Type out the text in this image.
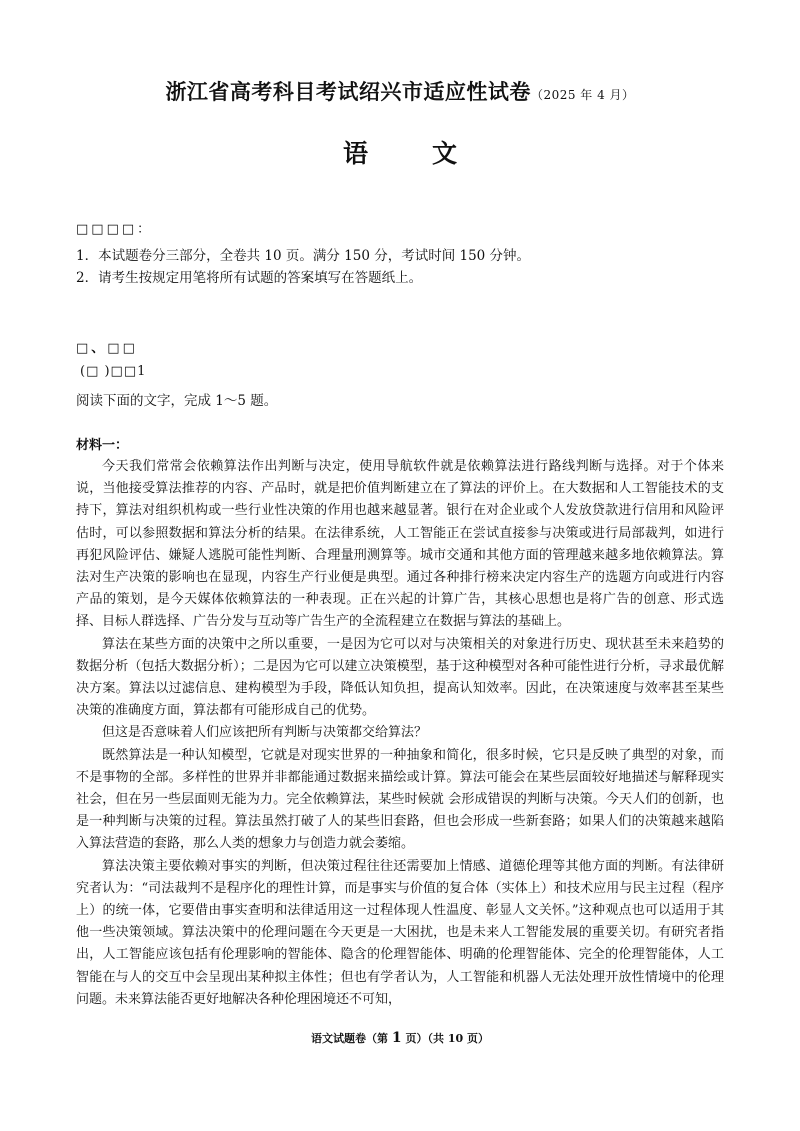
浙江省高考科目考试绍兴市适应性试卷（2025 年 4 月）
语	文
□□□□：
1．本试题卷分三部分，全卷共 10 页。满分 150 分，考试时间 150 分钟。
2．请考生按规定用笔将所有试题的答案填写在答题纸上。
□、□□
(□ )□□1
阅读下面的文字，完成 1～5 题。
材料一：

今天我们常常会依赖算法作出判断与决定，使用导航软件就是依赖算法进行路线判断与选择。对于个体来说，当他接受算法推荐的内容、产品时，就是把价值判断建立在了算法的评价上。在大数据和人工智能技术的支持下，算法对组织机构或一些行业性决策的作用也越来越显著。银行在对企业或个人发放贷款进行信用和风险评估时，可以参照数据和算法分析的结果。在法律系统，人工智能正在尝试直接参与决策或进行局部裁判，如进行再犯风险评估、嫌疑人逃脱可能性判断、合理量刑测算等。城市交通和其他方面的管理越来越多地依赖算法。算法对生产决策的影响也在显现，内容生产行业便是典型。通过各种排行榜来决定内容生产的选题方向或进行内容产品的策划，是今天媒体依赖算法的一种表现。正在兴起的计算广告，其核心思想也是将广告的创意、形式选择、目标人群选择、广告分发与互动等广告生产的全流程建立在数据与算法的基础上。

算法在某些方面的决策中之所以重要，一是因为它可以对与决策相关的对象进行历史、现状甚至未来趋势的数据分析（包括大数据分析）；二是因为它可以建立决策模型，基于这种模型对各种可能性进行分析，寻求最优解决方案。算法以过滤信息、建构模型为手段，降低认知负担，提高认知效率。因此，在决策速度与效率甚至某些决策的准确度方面，算法都有可能形成自己的优势。

但这是否意味着人们应该把所有判断与决策都交给算法？

既然算法是一种认知模型，它就是对现实世界的一种抽象和简化，很多时候，它只是反映了典型的对象，而不是事物的全部。多样性的世界并非都能通过数据来描绘或计算。算法可能会在某些层面较好地描述与解释现实社会，但在另一些层面则无能为力。完全依赖算法，某些时候就 会形成错误的判断与决策。今天人们的创新，也是一种判断与决策的过程。算法虽然打破了人的某些旧套路，但也会形成一些新套路；如果人们的决策越来越陷入算法营造的套路，那么人类的想象力与创造力就会萎缩。

算法决策主要依赖对事实的判断，但决策过程往往还需要加上情感、道德伦理等其他方面的判断。有法律研究者认为：“司法裁判不是程序化的理性计算，而是事实与价值的复合体（实体上）和技术应用与民主过程（程序上）的统一体，它要借由事实查明和法律适用这一过程体现人性温度、彰显人文关怀。”这种观点也可以适用于其他一些决策领域。算法决策中的伦理问题在今天更是一大困扰，也是未来人工智能发展的重要关切。有研究者指出，人工智能应该包括有伦理影响的智能体、隐含的伦理智能体、明确的伦理智能体、完全的伦理智能体，人工智能在与人的交互中会呈现出某种拟主体性；但也有学者认为，人工智能和机器人无法处理开放性情境中的伦理问题。未来算法能否更好地解决各种伦理困境还不可知，

语文试题卷（第 1 页）（共 10 页）
